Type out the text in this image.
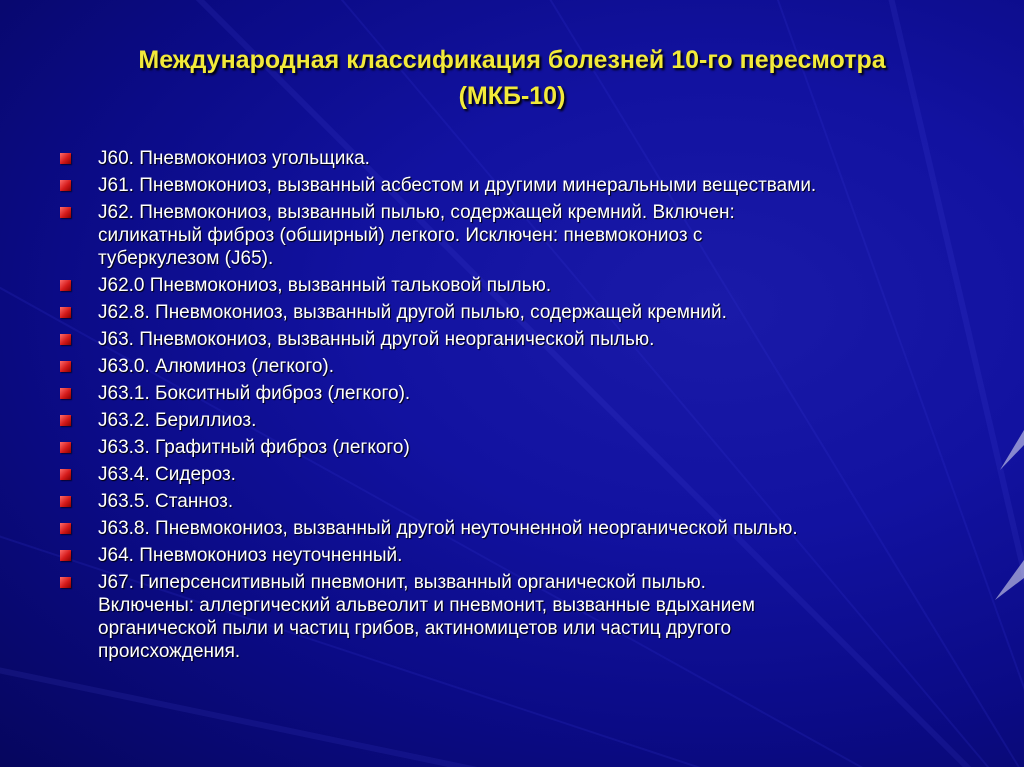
Международная классификация болезней 10-го пересмотра
(МКБ-10)
J60. Пневмокониоз угольщика.
J61. Пневмокониоз, вызванный асбестом и другими минеральными веществами.
J62. Пневмокониоз, вызванный пылью, содержащей кремний. Включен:
силикатный фиброз (обширный) легкого. Исключен: пневмокониоз с
туберкулезом (J65).
J62.0 Пневмокониоз, вызванный тальковой пылью.
J62.8. Пневмокониоз, вызванный другой пылью, содержащей кремний.
J63. Пневмокониоз, вызванный другой неорганической пылью.
J63.0. Алюминоз (легкого).
J63.1. Бокситный фиброз (легкого).
J63.2. Бериллиоз.
J63.3. Графитный фиброз (легкого)
J63.4. Сидероз.
J63.5. Станноз.
J63.8. Пневмокониоз, вызванный другой неуточненной неорганической пылью.
J64. Пневмокониоз неуточненный.
J67. Гиперсенситивный пневмонит, вызванный органической пылью.
Включены: аллергический альвеолит и пневмонит, вызванные вдыханием
органической пыли и частиц грибов, актиномицетов или частиц другого
происхождения.
